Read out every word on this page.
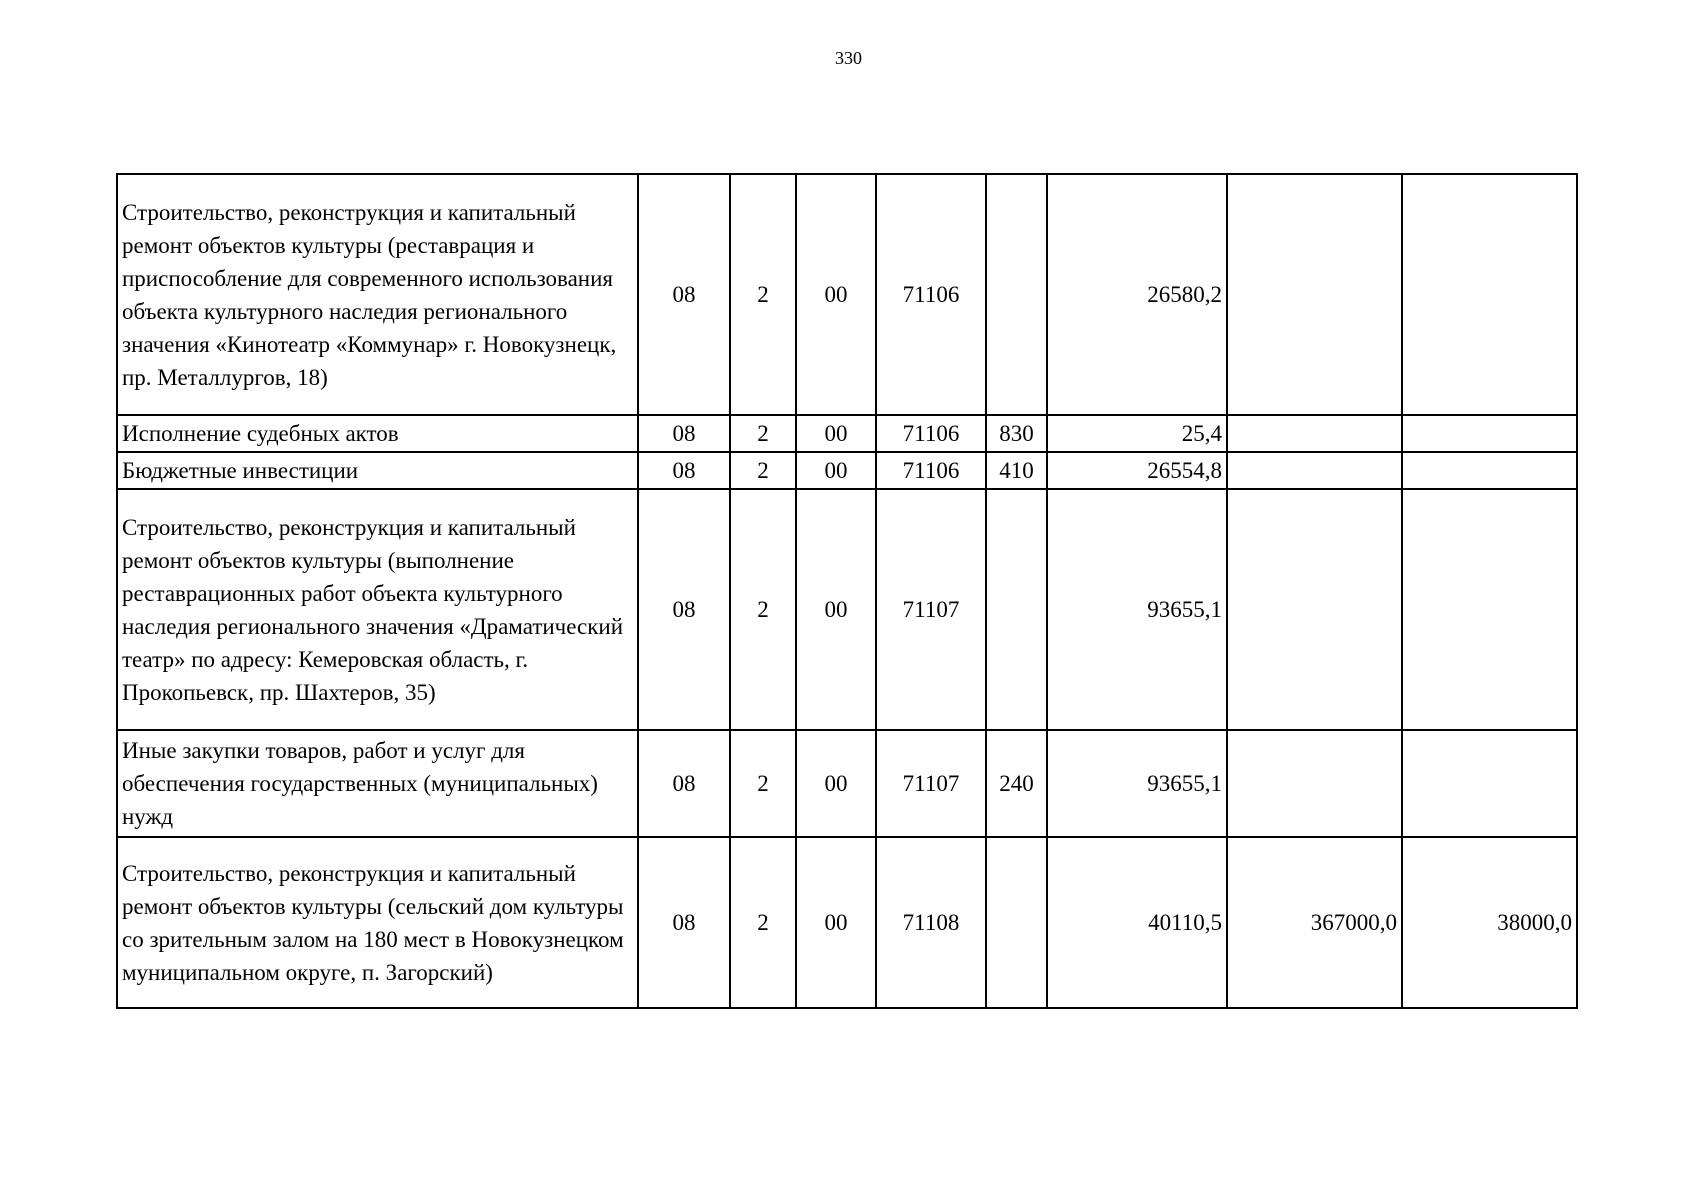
330
Строительство, реконструкция и капитальный ремонт объектов культуры (реставрация и приспособление для современного использования объекта культурного наследия регионального значения «Кинотеатр «Коммунар» г. Новокузнецк, пр. Металлургов, 18)	08	2	00	71106		26580,2		
Исполнение судебных актов	08	2	00	71106	830	25,4		
Бюджетные инвестиции	08	2	00	71106	410	26554,8		
Строительство, реконструкция и капитальный ремонт объектов культуры (выполнение реставрационных работ объекта культурного наследия регионального значения «Драматический театр» по адресу: Кемеровская область, г. Прокопьевск, пр. Шахтеров, 35)	08	2	00	71107		93655,1		
Иные закупки товаров, работ и услуг для обеспечения государственных (муниципальных) нужд	08	2	00	71107	240	93655,1		
Строительство, реконструкция и капитальный ремонт объектов культуры (сельский дом культуры со зрительным залом на 180 мест в Новокузнецком муниципальном округе, п. Загорский)	08	2	00	71108		40110,5	367000,0	38000,0
